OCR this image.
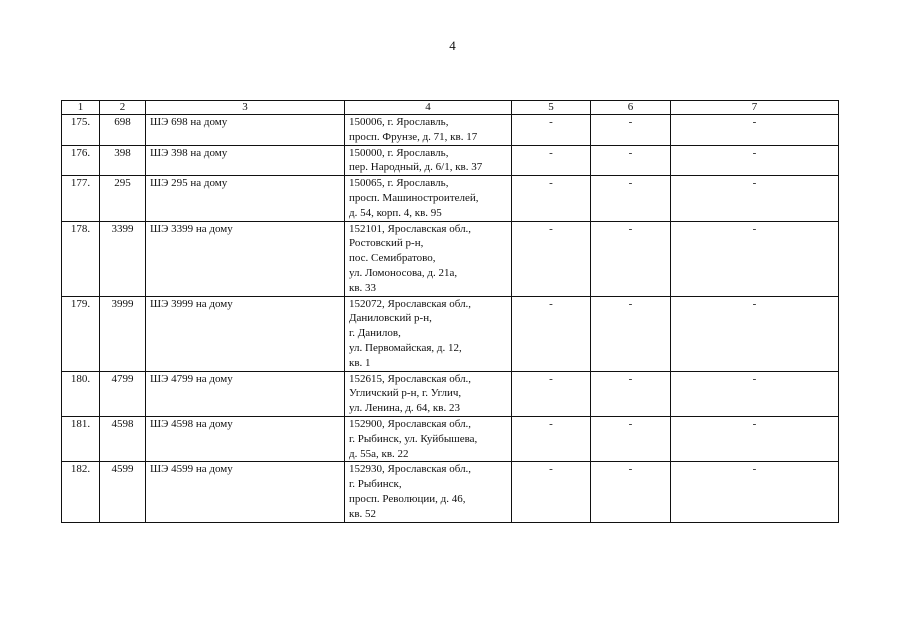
4
1	2	3	4	5	6	7
175.	698	ШЭ 698 на дому	150006, г. Ярославль,
просп. Фрунзе, д. 71, кв. 17	-	-	-
176.	398	ШЭ 398 на дому	150000, г. Ярославль,
пер. Народный, д. 6/1, кв. 37	-	-	-
177.	295	ШЭ 295 на дому	150065, г. Ярославль,
просп. Машиностроителей,
д. 54, корп. 4, кв. 95	-	-	-
178.	3399	ШЭ 3399 на дому	152101, Ярославская обл.,
Ростовский р-н,
пос. Семибратово,
ул. Ломоносова, д. 21а,
кв. 33	-	-	-
179.	3999	ШЭ 3999 на дому	152072, Ярославская обл.,
Даниловский р-н,
г. Данилов,
ул. Первомайская, д. 12,
кв. 1	-	-	-
180.	4799	ШЭ 4799 на дому	152615, Ярославская обл.,
Угличский р-н, г. Углич,
ул. Ленина, д. 64, кв. 23	-	-	-
181.	4598	ШЭ 4598 на дому	152900, Ярославская обл.,
г. Рыбинск, ул. Куйбышева,
д. 55а, кв. 22	-	-	-
182.	4599	ШЭ 4599 на дому	152930, Ярославская обл.,
г. Рыбинск,
просп. Революции, д. 46,
кв. 52	-	-	-
